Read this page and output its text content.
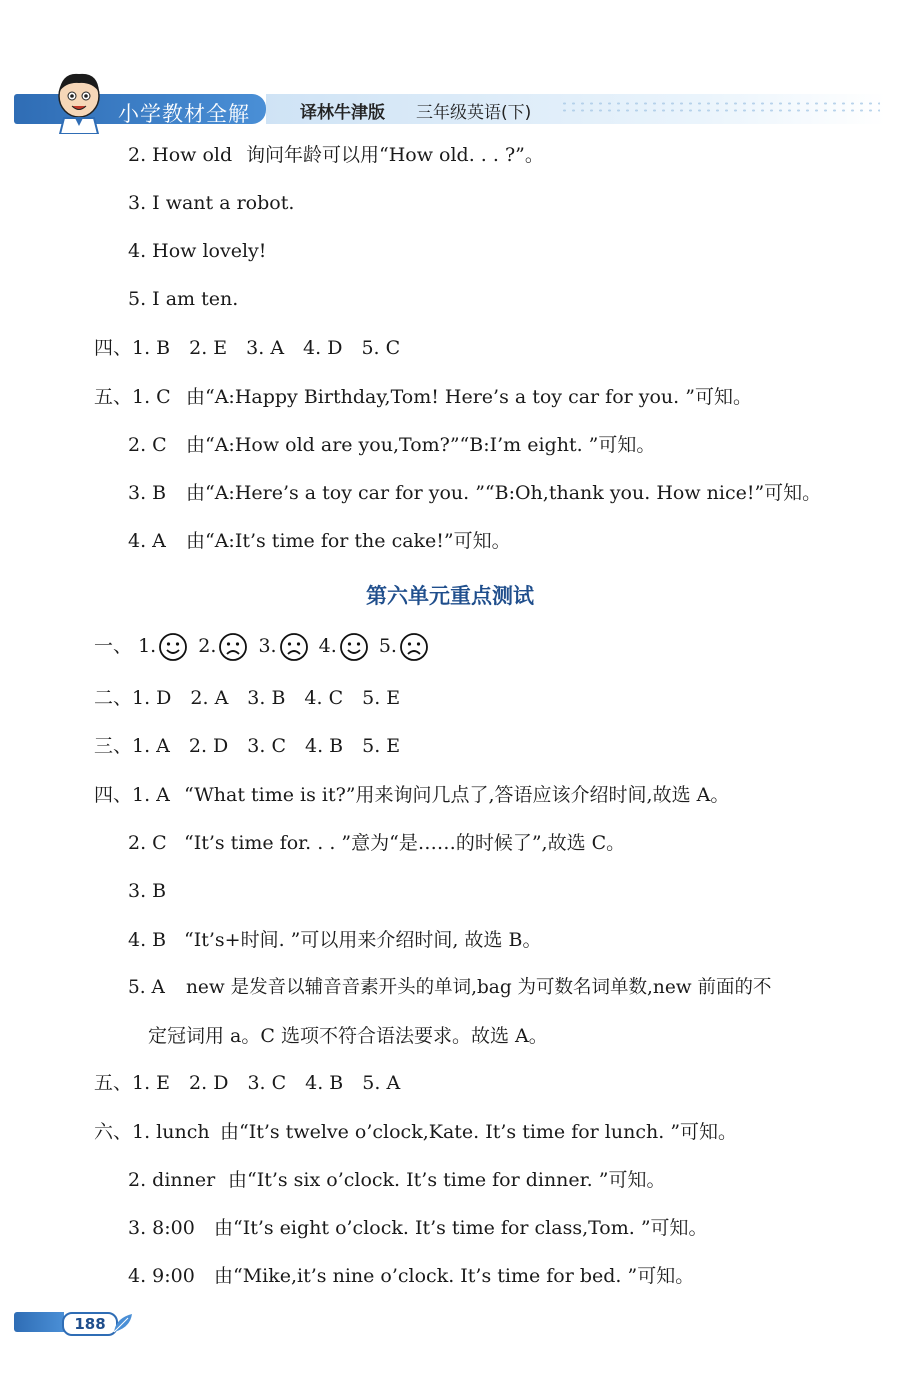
小学教材全解	译林牛津版 三年级英语(下)
2. How old 询问年龄可以用“How old. . . ?”。
3. I want a robot.
4. How lovely!
5. I am ten.
四、1. B　2. E　3. A　4. D　5. C
五、1. C 由“A:Happy Birthday,Tom! Here’s a toy car for you. ”可知。
2. C 由“A:How old are you,Tom?”“B:I’m eight. ”可知。
3. B 由“A:Here’s a toy car for you. ”“B:Oh,thank you. How nice!”可知。
4. A 由“A:It’s time for the cake!”可知。
第六单元重点测试
一、 1. 2. 3. 4. 5.
二、1. D　2. A　3. B　4. C　5. E
三、1. A　2. D　3. C　4. B　5. E
四、1. A “What time is it?”用来询问几点了,答语应该介绍时间,故选 A。
2. C “It’s time for. . . ”意为“是……的时候了”,故选 C。
3. B
4. B “It’s+时间. ”可以用来介绍时间, 故选 B。
5. A new 是发音以辅音音素开头的单词,bag 为可数名词单数,new 前面的不
定冠词用 a。C 选项不符合语法要求。故选 A。
五、1. E　2. D　3. C　4. B　5. A
六、1. lunch 由“It’s twelve o’clock,Kate. It’s time for lunch. ”可知。
2. dinner 由“It’s six o’clock. It’s time for dinner. ”可知。
3. 8:00 由“It’s eight o’clock. It’s time for class,Tom. ”可知。
4. 9:00 由“Mike,it’s nine o’clock. It’s time for bed. ”可知。
188
